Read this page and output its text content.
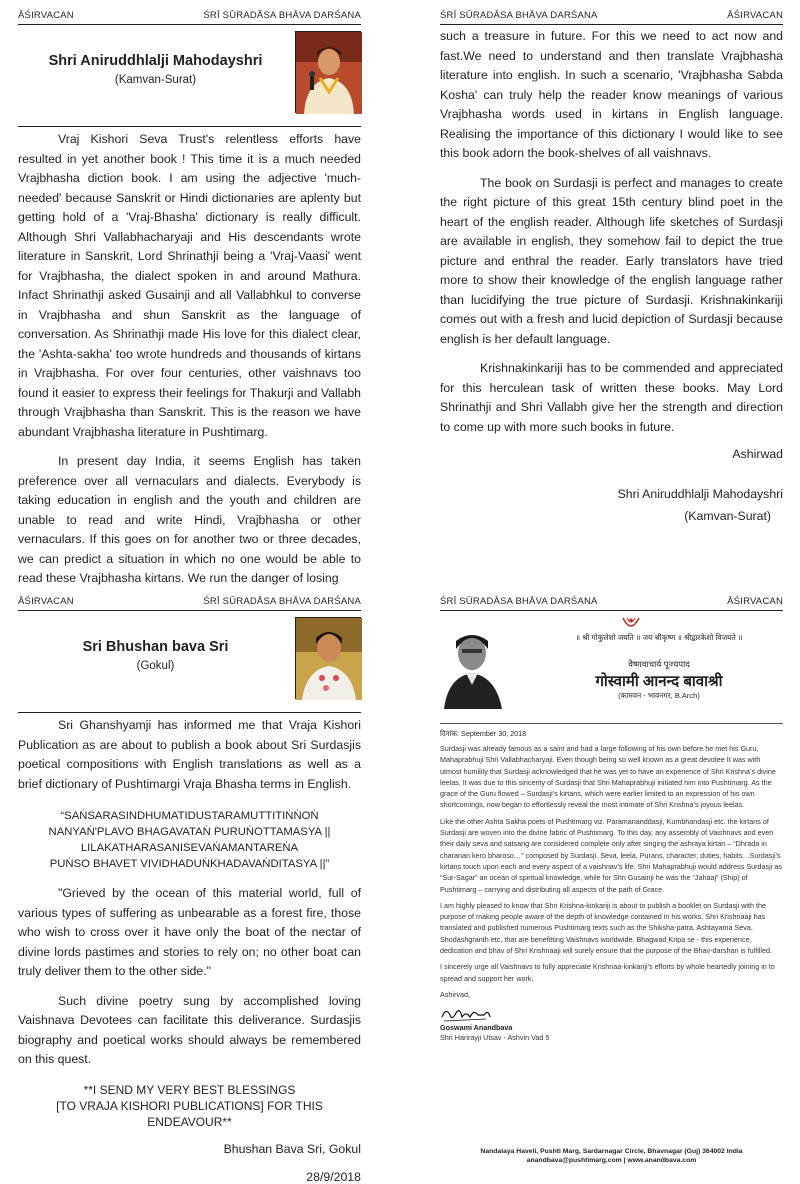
ĀŚIRVACAN	ŚRĪ SŪRADĀSA BHĀVA DARŚANA
Shri Aniruddhlalji Mahodayshri
(Kamvan-Surat)

Vraj Kishori Seva Trust's relentless efforts have resulted in yet another book ! This time it is a much needed Vrajbhasha diction book. I am using the adjective 'much-needed' because Sanskrit or Hindi dictionaries are aplenty but getting hold of a 'Vraj-Bhasha' dictionary is really difficult. Although Shri Vallabhacharyaji and His descendants wrote literature in Sanskrit, Lord Shrinathji being a 'Vraj-Vaasi' went for Vrajbhasha, the dialect spoken in and around Mathura. Infact Shrinathji asked Gusainji and all Vallabhkul to converse in Vrajbhasha and shun Sanskrit as the language of conversation. As Shrinathji made His love for this dialect clear, the 'Ashta-sakha' too wrote hundreds and thousands of kirtans in Vrajbhasha. For over four centuries, other vaishnavs too found it easier to express their feelings for Thakurji and Vallabh through Vrajbhasha than Sanskrit. This is the reason we have abundant Vrajbhasha literature in Pushtimarg.

In present day India, it seems English has taken preference over all vernaculars and dialects. Everybody is taking education in english and the youth and children are unable to read and write Hindi, Vrajbhasha or other vernaculars. If this goes on for another two or three decades, we can predict a situation in which no one would be able to read these Vrajbhasha kirtans. We run the danger of losing

ŚRĪ SŪRADĀSA BHĀVA DARŚANA	ĀŚIRVACAN

such a treasure in future. For this we need to act now and fast.We need to understand and then translate Vrajbhasha literature into english. In such a scenario, 'Vrajbhasha Sabda Kosha' can truly help the reader know meanings of various Vrajbhasha words used in kirtans in English language. Realising the importance of this dictionary I would like to see this book adorn the book-shelves of all vaishnavs.

The book on Surdasji is perfect and manages to create the right picture of this great 15th century blind poet in the heart of the english reader. Although life sketches of Surdasji are available in english, they somehow fail to depict the true picture and enthral the reader. Early translators have tried more to show their knowledge of the english language rather than lucidifying the true picture of Surdasji. Krishnakinkariji comes out with a fresh and lucid depiction of Surdasji because english is her default language.

Krishnakinkariji has to be commended and appreciated for this herculean task of written these books. May Lord Shrinathji and Shri Vallabh give her the strength and direction to come up with more such books in future.

Ashirwad
Shri Aniruddhlalji Mahodayshri
(Kamvan-Surat)
ĀŚIRVACAN	ŚRĪ SŪRADĀSA BHĀVA DARŚANA
Sri Bhushan bava Sri
(Gokul)

Sri Ghanshyamji has informed me that Vraja Kishori Publication as are about to publish a book about Sri Surdasjis poetical compositions with English translations as well as a brief dictionary of Pushtimargi Vraja Bhasha terms in English.

“SAṄSARASINDHUMATIDUSTARAMUTTITIṄṄOṄ
NANYAṄ'PLAVO BHAGAVATAṄ PURUṄOTTAMASYA ||
LILAKATHARASANISEVAṄAMANTAREṄA
PUṄSO BHAVET VIVIDHADUṄKHADAVAṄDITASYA ||”

"Grieved by the ocean of this material world, full of various types of suffering as unbearable as a forest fire, those who wish to cross over it have only the boat of the nectar of divine lords pastimes and stories to rely on; no other boat can truly deliver them to the other side."

Such divine poetry sung by accomplished loving Vaishnava Devotees can facilitate this deliverance. Surdasjis biography and poetical works should always be remembered on this quest.

**I SEND MY VERY BEST BLESSINGS
[TO VRAJA KISHORI PUBLICATIONS] FOR THIS
ENDEAVOUR**
Bhushan Bava Sri, Gokul
28/9/2018
ŚRĪ SŪRADĀSA BHĀVA DARŚANA	ĀŚIRVACAN
॥ श्री गोकुलेशो जयति ॥ जय श्रीकृष्ण ॥ श्रीद्वारकेशो विजयते ॥
वैष्णवाचार्य पूज्यपाद
गोस्वामी आनन्द बावाश्री
(कामवन - भावनगर, B.Arch)
दिनांक: September 30, 2018

Surdasji was already famous as a saint and had a large following of his own before he met his Guru, Mahaprabhuji Shri Vallabhacharyaji. Even though being so well known as a great devotee It was with utmost humility that Surdasji acknowledged that he was yet to have an experience of Shri Krishna’s divine leelas. It was due to this sincerity of Surdasji that Shri Mahaprabhuji initiated him into Pushtimarg. As the grace of the Guru flowed – Surdasji’s kirtans, which were earlier limited to an expression of his own shortcomings, now began to effortlessly reveal the most intimate of Shri Krishna’s joyous leelas.

Like the other Ashta Sakha poets of Pushtimarg viz. Paramananddasji, Kumbhandasji etc. the kirtans of Surdasji are woven into the divine fabric of Pushtimarg. To this day, any assembly of Vaishnavs and even their daily seva and satsang are considered complete only after singing the ashraya kirtan – “Dhrada in charanan kero bharoso…” composed by Surdasji. Seva, leela, Purans, character, duties, habits…Surdasji’s kirtans touch upon each and every aspect of a vaishnav’s life. Shri Mahaprabhuji would address Surdasji as “Sur-Sagar” an ocean of spiritual knowledge, while for Shri Gusainji he was the “Jahaaj” (Ship) of Pushtimarg – carrying and distributing all aspects of the path of Grace.

I am highly pleased to know that Shri Krishna-kinkariji is about to publish a booklet on Surdasji with the purpose of making people aware of the depth of knowledge contained in his works. Shri Krishnaaji has translated and published numerous Pushtimarg texts such as the Shiksha-patra, Ashtayama Seva, Shodashgranth etc, that are benefitting Vaishnavs worldwide. Bhagwad Kripa se - this experience, dedication and bhav of Shri Krishnaaji will surely ensure that the purpose of the Bhav-darshan is fulfilled.

I sincerely urge all Vaishnavs to fully appreciate Krishnaa-kinkariji’s efforts by whole heartedly joining in to spread and support her work.

Ashirvad,

Goswami Anandbava
Shri Harirayji Utsav - Ashvin Vad 5
Nandalaya Haveli, Pushti Marg, Sardarnagar Circle, Bhavnagar (Guj) 364002 India
anandbava@pushtimarg.com | www.anandbava.com
